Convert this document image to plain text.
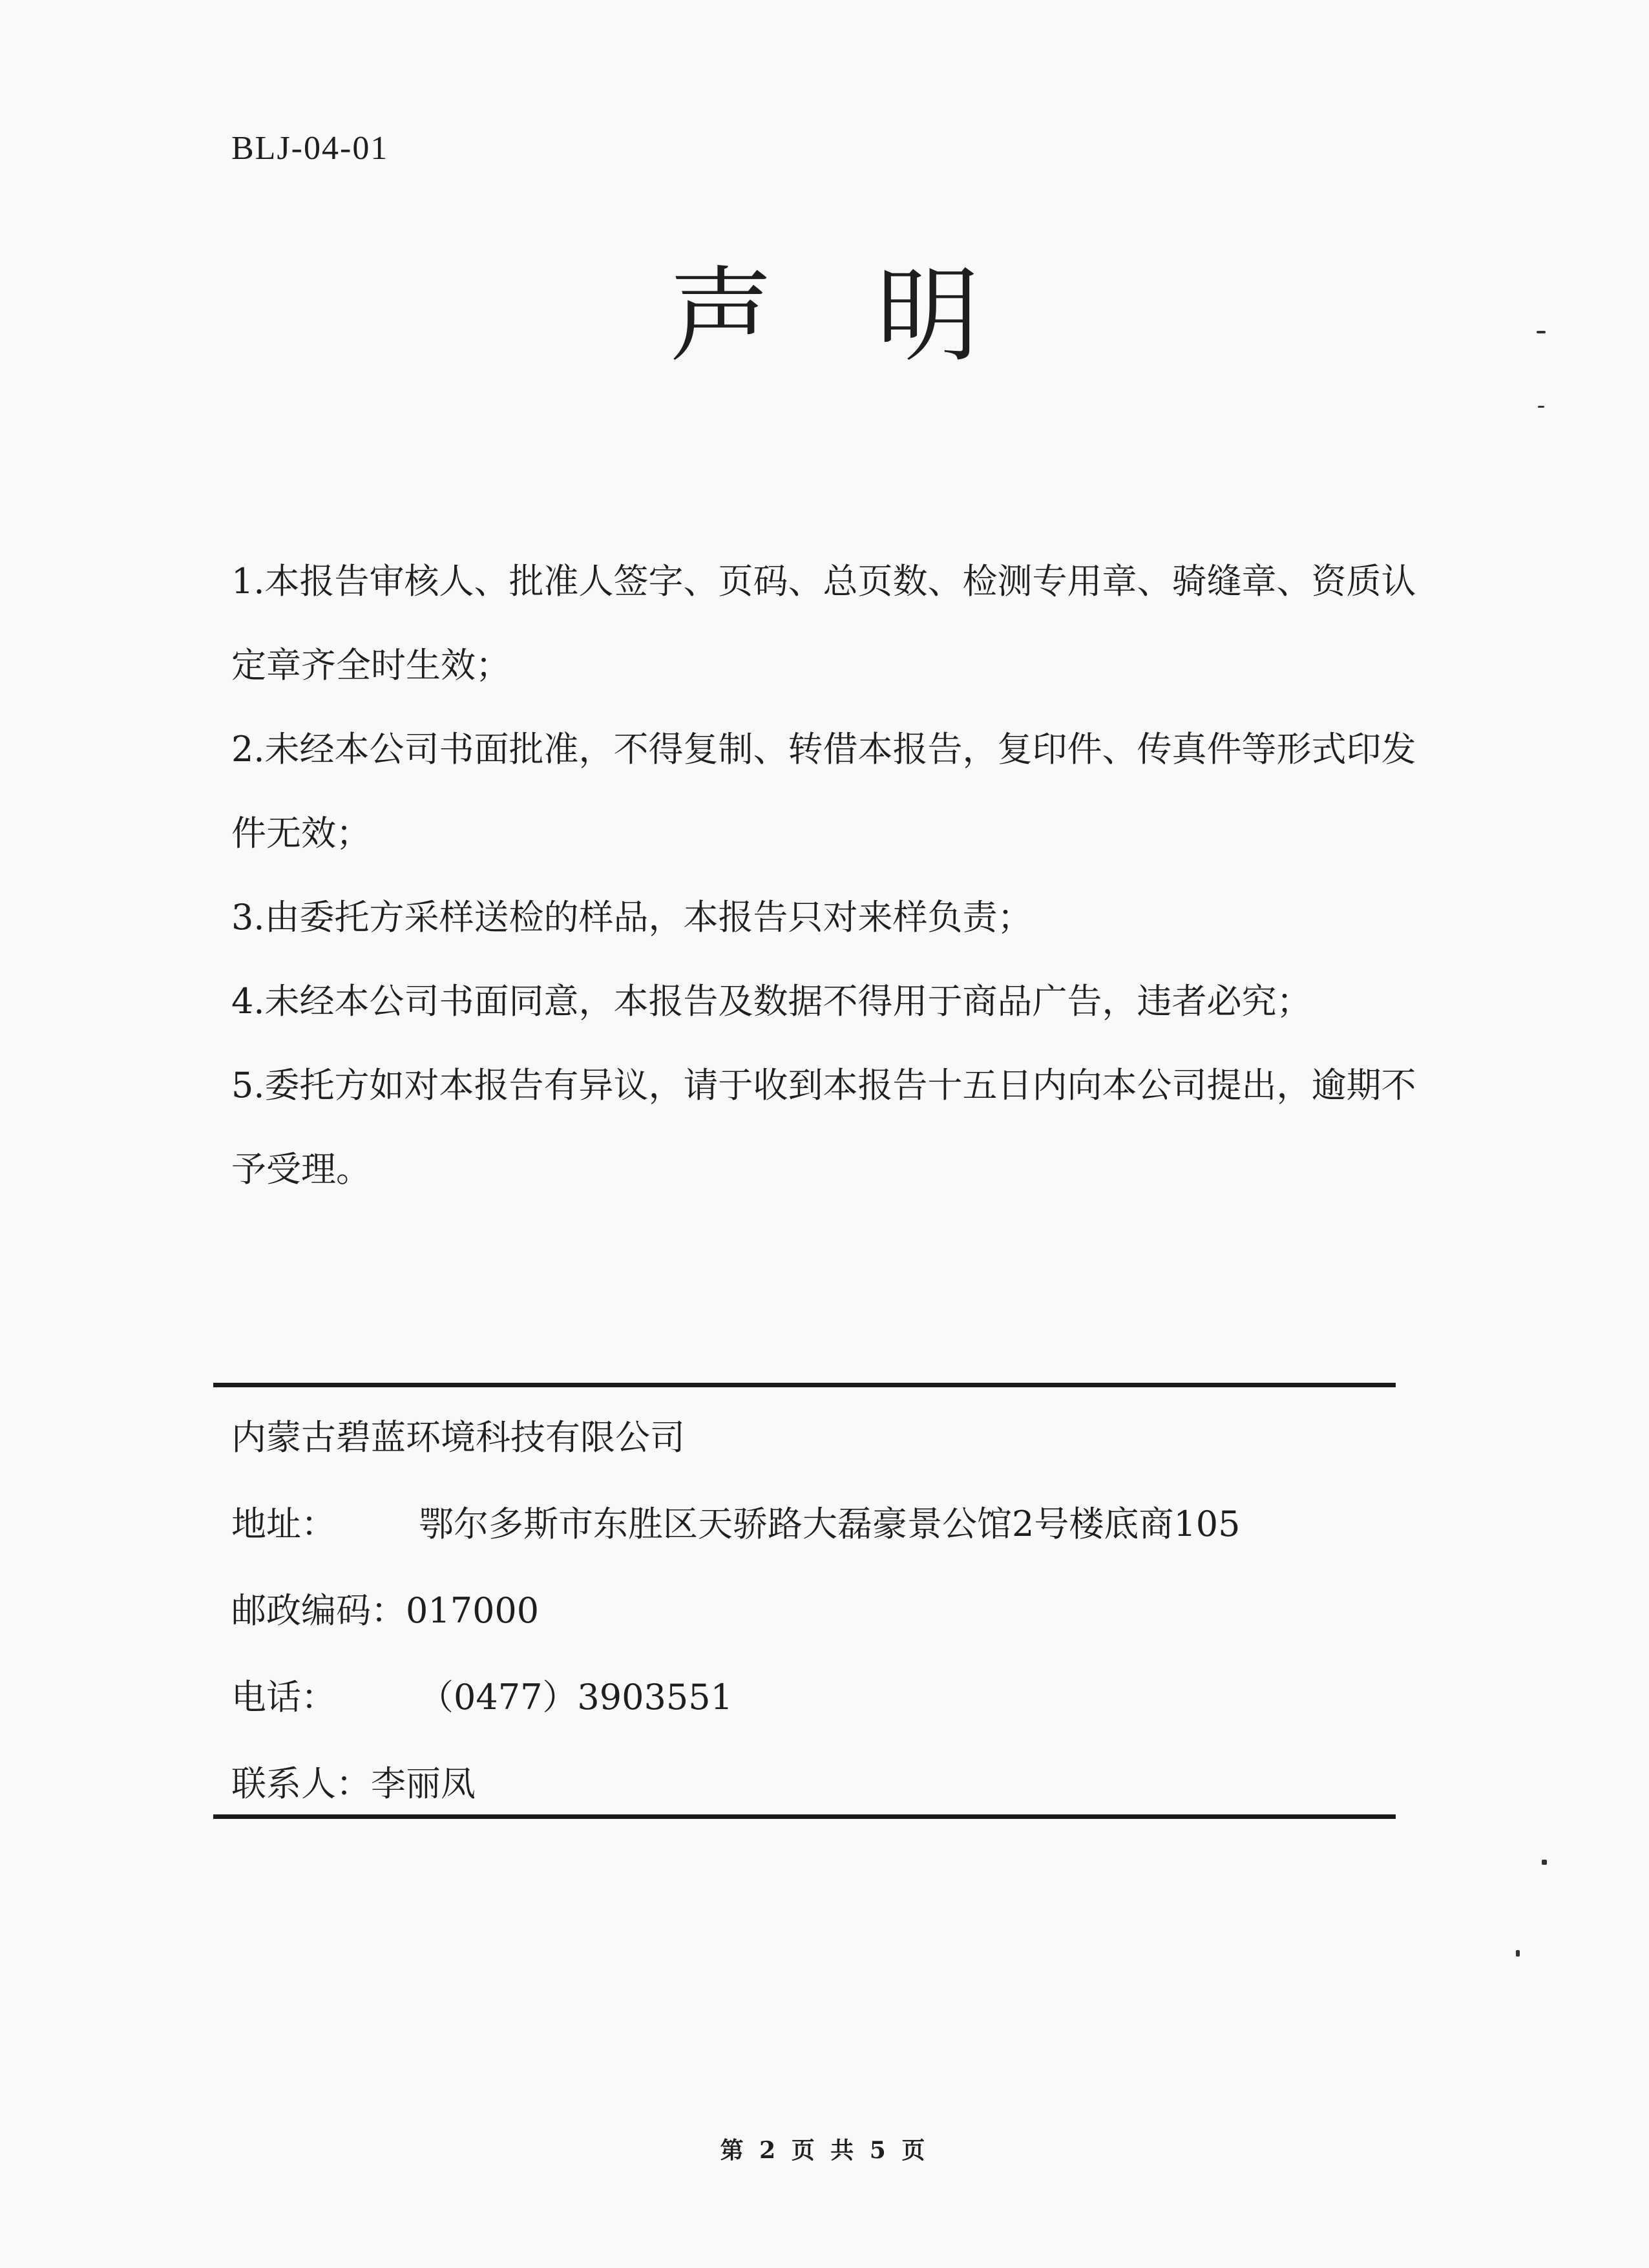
BLJ-04-01
声明

1.本报告审核人、批准人签字、页码、总页数、检测专用章、骑缝章、资质认定章齐全时生效；

2.未经本公司书面批准，不得复制、转借本报告，复印件、传真件等形式印发件无效；

3.由委托方采样送检的样品，本报告只对来样负责；

4.未经本公司书面同意，本报告及数据不得用于商品广告，违者必究；

5.委托方如对本报告有异议，请于收到本报告十五日内向本公司提出，逾期不予受理。

内蒙古碧蓝环境科技有限公司
地址： 鄂尔多斯市东胜区天骄路大磊豪景公馆2号楼底商105
邮政编码： 017000
电话： （0477）3903551
联系人： 李丽凤
第 2 页 共 5 页
